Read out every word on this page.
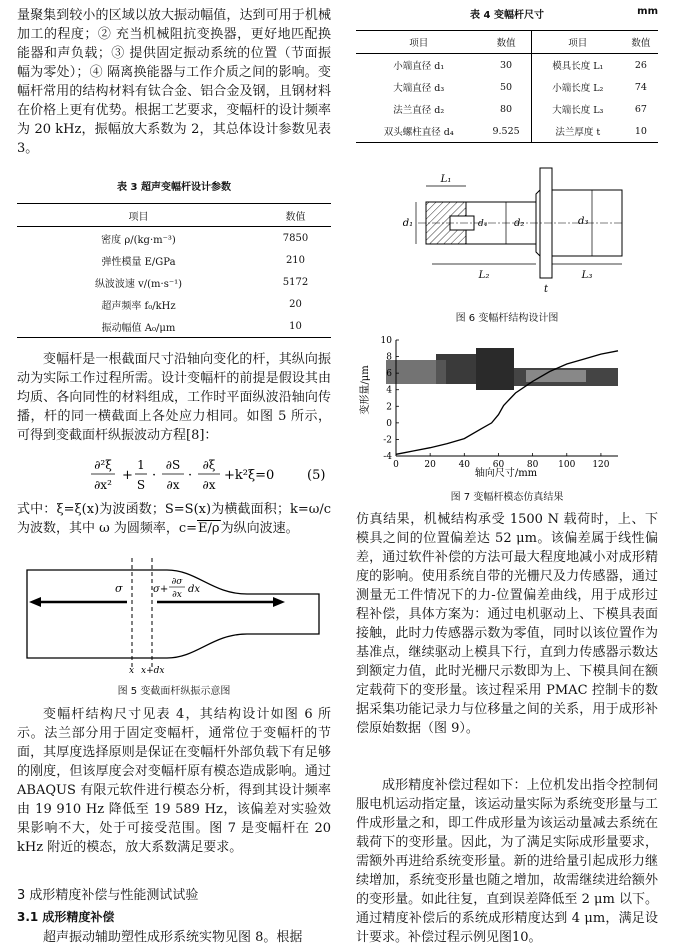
量聚集到较小的区域以放大振动幅值，达到可用于机械加工的程度；② 充当机械阻抗变换器，更好地匹配换能器和声负载；③ 提供固定振动系统的位置（节面振幅为零处）；④ 隔离换能器与工作介质之间的影响。变幅杆常用的结构材料有钛合金、铝合金及钢，且钢材料在价格上更有优势。根据工艺要求，变幅杆的设计频率为 20 kHz，振幅放大系数为 2，其总体设计参数见表 3。

表 3 超声变幅杆设计参数

项目	数值
密度 ρ/(kg·m⁻³)	7850
弹性模量 E/GPa	210
纵波波速 v/(m·s⁻¹)	5172
超声频率 f₀/kHz	20
振动幅值 A₀/μm	10

变幅杆是一根截面尺寸沿轴向变化的杆，其纵向振动为实际工作过程所需。设计变幅杆的前提是假设其由均质、各向同性的材料组成，工作时平面纵波沿轴向传播，杆的同一横截面上各处应力相同。如图 5 所示，可得到变截面杆纵振波动方程[8]：

∂²ξ
∂x²
+
1
S
·
∂S
∂x
·
∂ξ
∂x
+k²ξ=0	(5)
式中：ξ=ξ(x)为波函数；S=S(x)为横截面积；k=ω/c 为波数，其中 ω 为圆频率，c=E/ρ为纵向波速。
σ	σ+
∂σ
∂x dx
x x+dx

图 5 变截面杆纵振示意图

变幅杆结构尺寸见表 4，其结构设计如图 6 所示。法兰部分用于固定变幅杆，通常位于变幅杆的节面，其厚度选择原则是保证在变幅杆外部负载下有足够的刚度，但该厚度会对变幅杆原有模态造成影响。通过 ABAQUS 有限元软件进行模态分析，得到其设计频率由 19 910 Hz 降低至 19 589 Hz，该偏差对实验效果影响不大，处于可接受范围。图 7 是变幅杆在 20 kHz 附近的模态，放大系数满足要求。

3 成形精度补偿与性能测试试验

3.1 成形精度补偿

超声振动辅助塑性成形系统实物见图 8。根据

表 4 变幅杆尺寸	mm
项目	数值	项目	数值
小端直径 d₁	30	模具长度 L₁	26
大端直径 d₃	50	小端长度 L₂	74
法兰直径 d₂	80	大端长度 L₃	67
双头螺柱直径 d₄	9.525	法兰厚度 t	10
L₁
L₂	L₃
t
d₁	d₄	d₂	d₃

图 6 变幅杆结构设计图

0	20	40	60	80 100 120
-4
-2
0
2
4
6
8
10
轴向尺寸/mm
变形量/μm

图 7 变幅杆模态仿真结果

仿真结果，机械结构承受 1500 N 载荷时，上、下模具之间的位置偏差达 52 μm。该偏差属于线性偏差，通过软件补偿的方法可最大程度地减小对成形精度的影响。使用系统自带的光栅尺及力传感器，通过测量无工件情况下的力-位置偏差曲线，用于成形过程补偿，具体方案为：通过电机驱动上、下模具表面接触，此时力传感器示数为零值，同时以该位置作为基准点，继续驱动上模具下行，直到力传感器示数达到额定力值，此时光栅尺示数即为上、下模具间在额定载荷下的变形量。该过程采用 PMAC 控制卡的数据采集功能记录力与位移量之间的关系，用于成形补偿原始数据（图 9）。

成形精度补偿过程如下：上位机发出指令控制伺服电机运动指定量，该运动量实际为系统变形量与工件成形量之和，即工件成形量为该运动量减去系统在载荷下的变形量。因此，为了满足实际成形量要求，需额外再进给系统变形量。新的进给量引起成形力继续增加，系统变形量也随之增加，故需继续进给额外的变形量。如此往复，直到误差降低至 2 μm 以下。通过精度补偿后的系统成形精度达到 4 μm，满足设计要求。补偿过程示例见图10。
